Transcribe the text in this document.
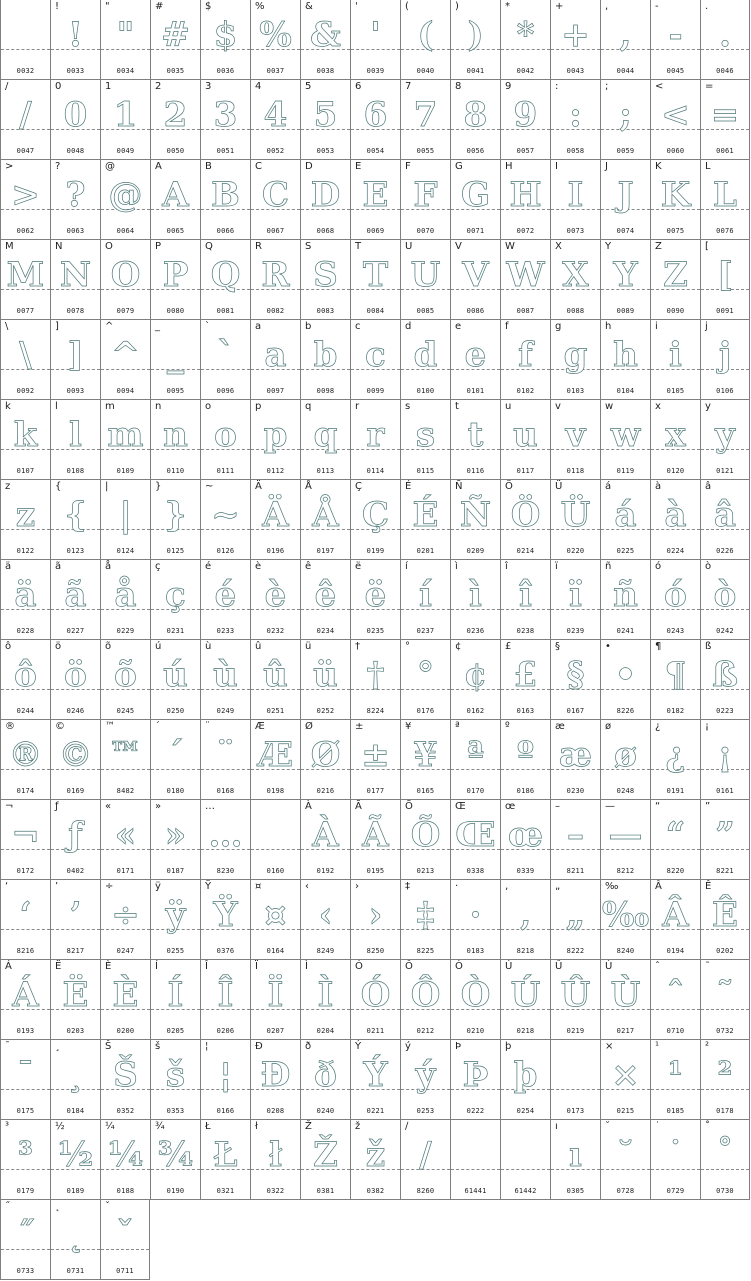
0032
!
!
0033
"
"
0034
#
#
0035
$
$
0036
%
%
0037
&
&
0038
'
'
0039
(
(
0040
)
)
0041
*
*
0042
+
+
0043
,
,
0044
-
-
0045
.
.
0046
/
/
0047
0
0
0048
1
1
0049
2
2
0050
3
3
0051
4
4
0052
5
5
0053
6
6
0054
7
7
0055
8
8
0056
9
9
0057
:
:
0058
;
;
0059
<
<
0060
=
=
0061
>
>
0062
?
?
0063
@
@
0064
A
A
0065
B
B
0066
C
C
0067
D
D
0068
E
E
0069
F
F
0070
G
G
0071
H
H
0072
I
I
0073
J
J
0074
K
K
0075
L
L
0076
M
M
0077
N
N
0078
O
O
0079
P
P
0080
Q
Q
0081
R
R
0082
S
S
0083
T
T
0084
U
U
0085
V
V
0086
W
W
0087
X
X
0088
Y
Y
0089
Z
Z
0090
[
[
0091
\
\
0092
]
]
0093
^
^
0094
_
_
0095
`
`
0096
a
a
0097
b
b
0098
c
c
0099
d
d
0100
e
e
0101
f
f
0102
g
g
0103
h
h
0104
i
i
0105
j
j
0106
k
k
0107
l
l
0108
m
m
0109
n
n
0110
o
o
0111
p
p
0112
q
q
0113
r
r
0114
s
s
0115
t
t
0116
u
u
0117
v
v
0118
w
w
0119
x
x
0120
y
y
0121
z
z
0122
{
{
0123
|
|
0124
}
}
0125
~
~
0126
Ä
Ä
0196
Å
Å
0197
Ç
Ç
0199
É
É
0201
Ñ
Ñ
0209
Ö
Ö
0214
Ü
Ü
0220
á
á
0225
à
à
0224
â
â
0226
ä
ä
0228
ã
ã
0227
å
å
0229
ç
ç
0231
é
é
0233
è
è
0232
ê
ê
0234
ë
ë
0235
í
í
0237
ì
ì
0236
î
î
0238
ï
ï
0239
ñ
ñ
0241
ó
ó
0243
ò
ò
0242
ô
ô
0244
ö
ö
0246
õ
õ
0245
ú
ú
0250
ù
ù
0249
û
û
0251
ü
ü
0252
†
†
8224
°
°
0176
¢
¢
0162
£
£
0163
§
§
0167
•
•
8226
¶
¶
0182
ß
ß
0223
®
®
0174
©
©
0169
™
™
8482
´
´
0180
¨
¨
0168
Æ
Æ
0198
Ø
Ø
0216
±
±
0177
¥
¥
0165
ª
ª
0170
º
º
0186
æ
æ
0230
ø
ø
0248
¿
¿
0191
¡
¡
0161
¬
¬
0172
ƒ
ƒ
0402
«
«
0171
»
»
0187
…
…
8230	0160
À
À
0192
Ã
Ã
0195
Õ
Õ
0213
Œ
Œ
0338
œ
œ
0339
–
–
8211
—
—
8212
“
“
8220
”
”
8221
‘
‘
8216
’
’
8217
÷
÷
0247
ÿ
ÿ
0255
Ÿ
Ÿ
0376
¤
¤
0164
‹
‹
8249
›
›
8250
‡
‡
8225
·
·
0183
‚
‚
8218
„
„
8222
‰
‰
8240
Â
Â
0194
Ê
Ê
0202
Á
Á
0193
Ë
Ë
0203
È
È
0200
Í
Í
0205
Î
Î
0206
Ï
Ï
0207
Ì
Ì
0204
Ó
Ó
0211
Ô
Ô
0212
Ò
Ò
0210
Ú
Ú
0218
Û
Û
0219
Ù
Ù
0217
ˆ
ˆ
0710
˜
˜
0732
¯
¯
0175
¸
¸
0184
Š
Š
0352
š
š
0353
¦
¦
0166
Ð
Ð
0208
ð
ð
0240
Ý
Ý
0221
ý
ý
0253
Þ
Þ
0222
þ
þ
0254	0173
×
×
0215
¹
¹
0185
²
²
0178
³
³
0179
½
½
0189
¼
¼
0188
¾
¾
0190
Ł
Ł
0321
ł
ł
0322
Ž
Ž
0381
ž
ž
0382
∕
∕
8260	61441	61442
ı
ı
0305
˘
˘
0728
˙
˙
0729
˚
˚
0730
˝
˝
0733
˛
˛
0731
ˇ
ˇ
0711
